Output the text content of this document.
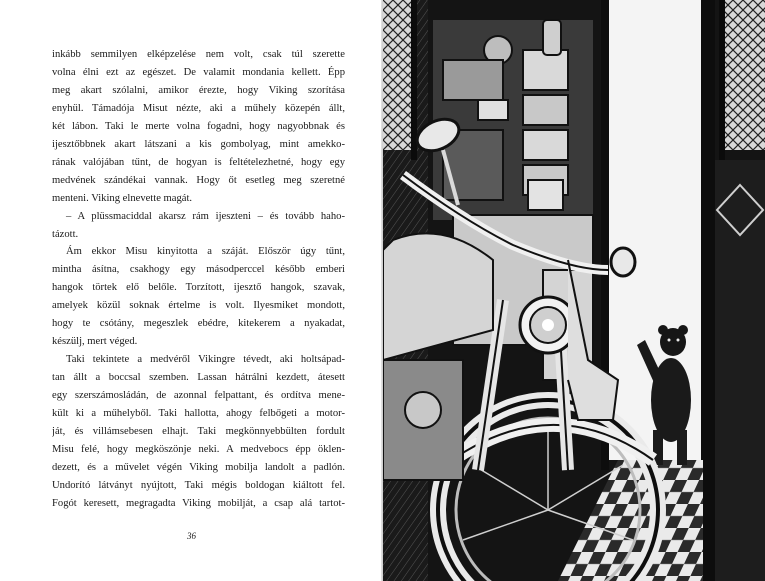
inkább semmilyen elképzelése nem volt, csak túl szerette
volna élni ezt az egészet. De valamit mondania kellett. Épp
meg akart szólalni, amikor érezte, hogy Viking szorítása
enyhül. Támadója Misut nézte, aki a műhely közepén állt,
két lábon. Taki le merte volna fogadni, hogy nagyobbnak és
ijesztőbbnek akart látszani a kis gombolyag, mint amekko-
rának valójában tűnt, de hogyan is feltételezhetné, hogy egy
medvének szándékai vannak. Hogy őt esetleg meg szeretné
menteni. Viking elnevette magát.
– A plüssmaciddal akarsz rám ijeszteni – és tovább haho-
tázott.
Ám ekkor Misu kinyitotta a száját. Először úgy tűnt,
mintha ásítna, csakhogy egy másodperccel később emberi
hangok törtek elő belőle. Torzított, ijesztő hangok, szavak,
amelyek közül soknak értelme is volt. Ilyesmiket mondott,
hogy te csótány, megeszlek ebédre, kitekerem a nyakadat,
készülj, mert véged.
Taki tekintete a medvéről Vikingre tévedt, aki holtsápad-
tan állt a boccsal szemben. Lassan hátrálni kezdett, átesett
egy szerszámosládán, de azonnal felpattant, és ordítva mene-
kült ki a műhelyből. Taki hallotta, ahogy felbőgeti a motor-
ját, és villámsebesen elhajt. Taki megkönnyebbülten fordult
Misu felé, hogy megköszönje neki. A medvebocs épp öklen-
dezett, és a művelet végén Viking mobilja landolt a padlón.
Undorító látványt nyújtott, Taki mégis boldogan kiáltott fel.
Fogót keresett, megragadta Viking mobilját, a csap alá tartot-
36
